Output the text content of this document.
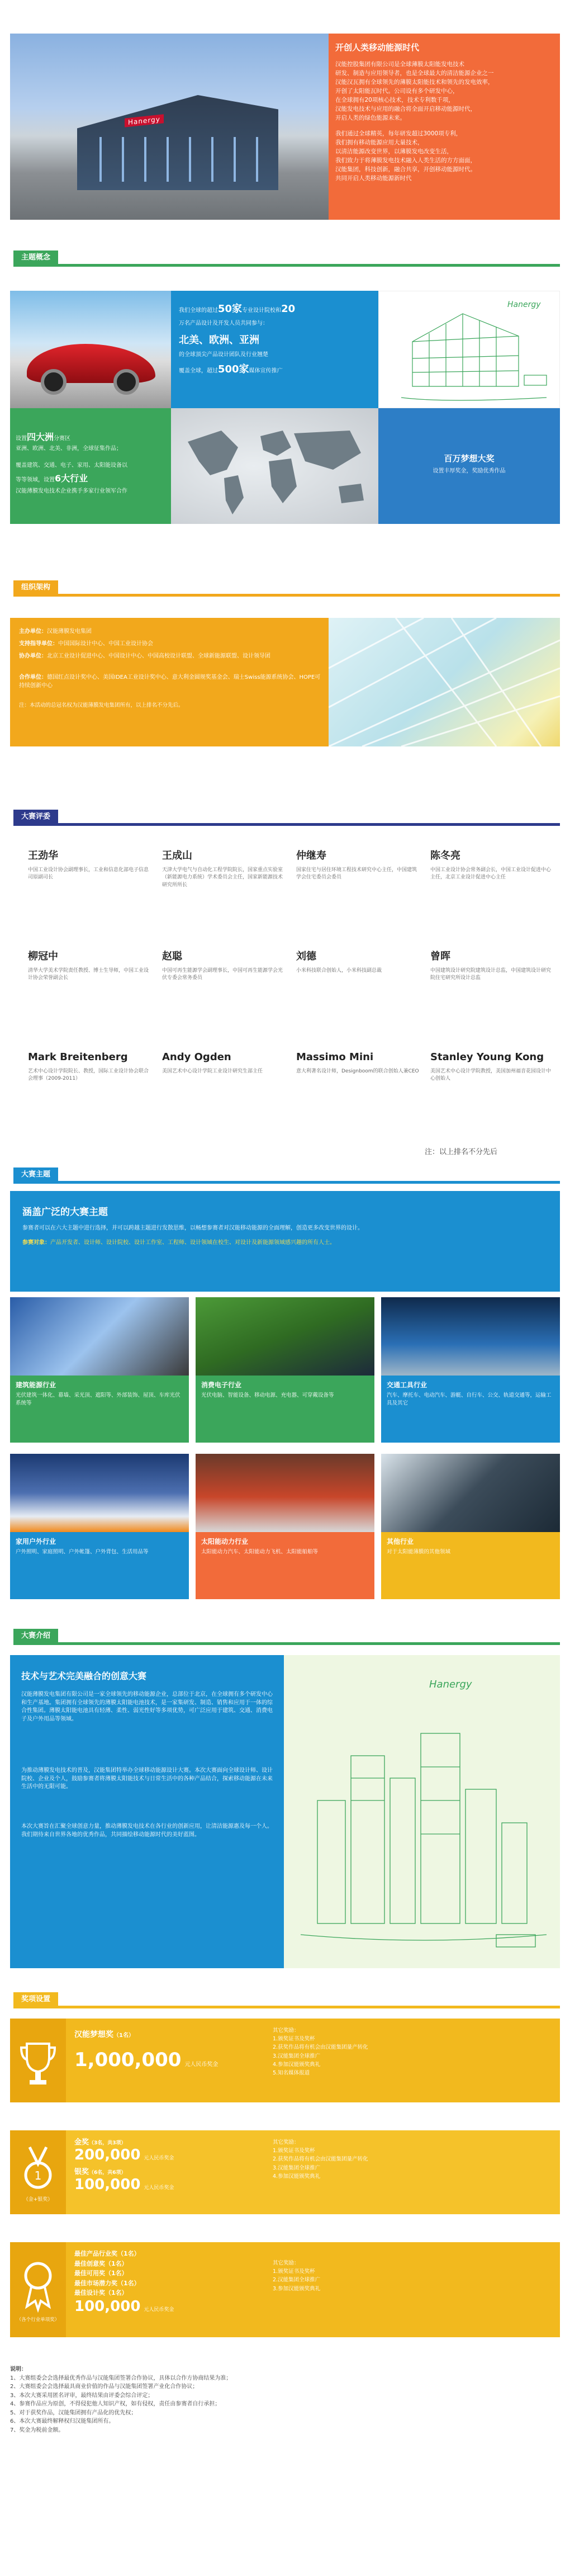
Hanergy
开创人类移动能源时代
汉能控股集团有限公司是全球薄膜太阳能发电技术
研发、制造与应用领导者，也是全球最大的清洁能源企业之一
汉能汉瓦拥有全球领先的薄膜太阳能技术和领先的发电效率，
开创了太阳能瓦时代。公司设有多个研发中心，
在全球拥有20项核心技术，技术专利数千项，
汉能发电技术与应用的融合将全面开启移动能源时代，
开启人类的绿色能源未来。
我们通过全球精英，每年研发超过3000项专利，
我们拥有移动能源应用大量技术，
以清洁能源改变世界，以薄膜发电改变生活，
我们致力于将薄膜发电技术融入人类生活的方方面面，
汉能集团，科技创新，融合共享，开创移动能源时代。
共同开启人类移动能源新时代
主题概念
我们全球的超过50家专业设计院校和20
万名产品设计及开发人员共同参与：
北美、欧洲、亚洲
的全球顶尖产品设计团队及行业翘楚
覆盖全球，超过500家媒体宣传推广
Hanergy
设置四大洲分赛区
亚洲、欧洲、北美、非洲，全球征集作品；
覆盖建筑、交通、电子、家用、太阳能设备以
等等领域，设置6大行业
汉能薄膜发电技术企业携手多家行业领军合作
百万梦想大奖
设置丰厚奖金，奖励优秀作品
组织架构
主办单位：汉能薄膜发电集团
支持指导单位：中国国际设计中心、中国工业设计协会
协办单位：北京工业设计促进中心、中国设计中心、中国高校设计联盟、全球新能源联盟、设计领导团
合作单位：德国红点设计奖中心、美国IDEA工业设计奖中心、意大利金圆规奖基金会、瑞士Swiss能源系统协会、HOPE可持续创新中心
注：本活动的总冠名权为汉能薄膜发电集团所有，以上排名不分先后。
大赛评委
王劲华
中国工业设计协会副理事长，工业和信息化部电子信息司原副司长
王成山
天津大学电气与自动化工程学院院长，国家重点实验室（新能源电力系统）学术委员会主任，国家新能源技术研究所所长
仲继寿
国家住宅与居住环境工程技术研究中心主任，中国建筑学会住宅委员会委员
陈冬亮
中国工业设计协会常务副会长，中国工业设计促进中心主任，北京工业设计促进中心主任
柳冠中
清华大学美术学院责任教授、博士生导师，中国工业设计协会荣誉副会长
赵聪
中国可再生能源学会副理事长，中国可再生能源学会光伏专委会常务委员
刘德
小米科技联合创始人，小米科技副总裁
曾晖
中国建筑设计研究院建筑设计总监，中国建筑设计研究院住宅研究所设计总监
Mark Breitenberg
艺术中心设计学院院长、教授，国际工业设计协会联合会理事（2009-2011）
Andy Ogden
美国艺术中心设计学院工业设计研究生部主任
Massimo Mini
意大利著名设计师，Designboom的联合创始人兼CEO
Stanley Young Kong
美国艺术中心设计学院教授，美国加州福音花园设计中心创始人
注：以上排名不分先后
大赛主题
涵盖广泛的大赛主题
参赛者可以在六大主题中进行选择，并可以跨越主题进行发散思维，以畅想参赛者对汉能移动能源的全面理解，创造更多改变世界的设计。
参赛对象：产品开发者、设计师、设计院校、设计工作室、工程师、设计领域在校生、对设计及新能源领域感兴趣的所有人士。
建筑能源行业
光伏建筑一体化、幕墙、采光顶、遮阳等、外部装饰、屋顶、车库光伏系统等
消费电子行业
光伏电脑、智能设备、移动电源、充电器、可穿戴设备等
交通工具行业
汽车、摩托车、电动汽车、游艇、自行车、公交、轨道交通等，运输工具及其它
家用户外行业
户外照明、家庭照明、户外帐篷、户外背包、生活用品等
太阳能动力行业
太阳能动力汽车、太阳能动力飞机、太阳能船舶等
其他行业
对于太阳能薄膜的其他领域
大赛介绍
技术与艺术完美融合的创意大赛
汉能薄膜发电集团有限公司是一家全球领先的移动能源企业，总部位于北京，在全球拥有多个研发中心和生产基地。集团拥有全球领先的薄膜太阳能电池技术，是一家集研发、制造、销售和应用于一体的综合性集团。薄膜太阳能电池具有轻薄、柔性、弱光性好等多项优势，可广泛应用于建筑、交通、消费电子及户外用品等领域。
为推动薄膜发电技术的普及，汉能集团特举办全球移动能源设计大赛。本次大赛面向全球设计师、设计院校、企业及个人，鼓励参赛者将薄膜太阳能技术与日常生活中的各种产品结合，探索移动能源在未来生活中的无限可能。
本次大赛旨在汇聚全球创意力量，推动薄膜发电技术在各行业的创新应用，让清洁能源惠及每一个人。我们期待来自世界各地的优秀作品，共同描绘移动能源时代的美好蓝图。
Hanergy
奖项设置
汉能梦想奖（1名）
1,000,000 元人民币奖金
其它奖励：
1.颁奖证书及奖杯
2.获奖作品将有机会由汉能集团量产转化
3.汉能集团全球推广
4.参加汉能颁奖典礼
5.知名媒体报道
1
（金+银奖）
金奖（3名，共3项）
200,000 元人民币奖金
银奖（6名，共6项）
100,000 元人民币奖金
其它奖励：
1.颁奖证书及奖杯
2.获奖作品将有机会由汉能集团量产转化
3.汉能集团全球推广
4.参加汉能颁奖典礼
（各个行业单项奖）
最佳产品行业奖（1名）
最佳创意奖（1名）
最佳可用奖（1名）
最佳市场潜力奖（1名）
最佳设计奖（1名）
100,000 元人民币奖金
其它奖励：
1.颁奖证书及奖杯
2.汉能集团全球推广
3.参加汉能颁奖典礼
说明：
1、大赛组委会会选择最优秀作品与汉能集团签署合作协议，具体以合作方协商结果为准；
2、大赛组委会会选择最具商业价值的作品与汉能集团签署产业化合作协议；
3、本次大赛采用匿名评审，最终结果由评委会综合评定；
4、参赛作品应为原创，不得侵犯他人知识产权，如有侵权，责任由参赛者自行承担；
5、对于获奖作品，汉能集团拥有产品化的优先权；
6、本次大赛最终解释权归汉能集团所有。
7、奖金为税前金额。
